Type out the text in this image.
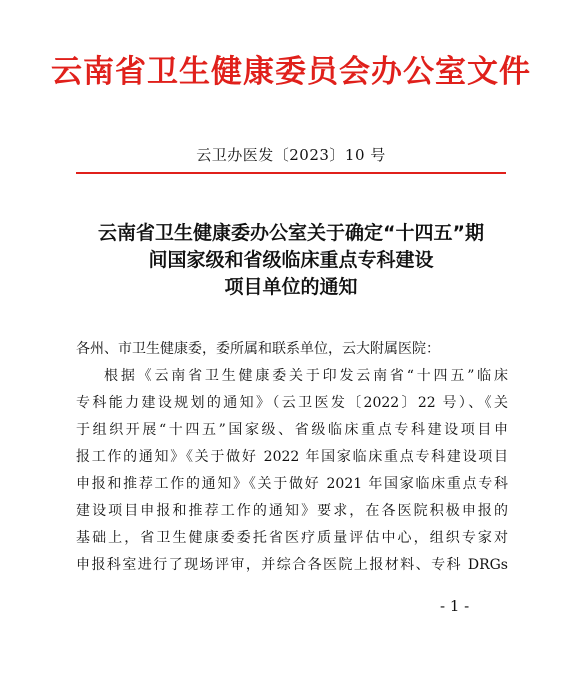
云南省卫生健康委员会办公室文件
云卫办医发〔2023〕10 号
云南省卫生健康委办公室关于确定“十四五”期
间国家级和省级临床重点专科建设
项目单位的通知
各州、市卫生健康委，委所属和联系单位，云大附属医院：
根据《云南省卫生健康委关于印发云南省“十四五”临床
专科能力建设规划的通知》（云卫医发〔2022〕22 号）、《关
于组织开展“十四五”国家级、省级临床重点专科建设项目申
报工作的通知》《关于做好 2022 年国家临床重点专科建设项目
申报和推荐工作的通知》《关于做好 2021 年国家临床重点专科
建设项目申报和推荐工作的通知》要求，在各医院积极申报的
基础上，省卫生健康委委托省医疗质量评估中心，组织专家对
申报科室进行了现场评审，并综合各医院上报材料、专科 DRGs
- 1 -
